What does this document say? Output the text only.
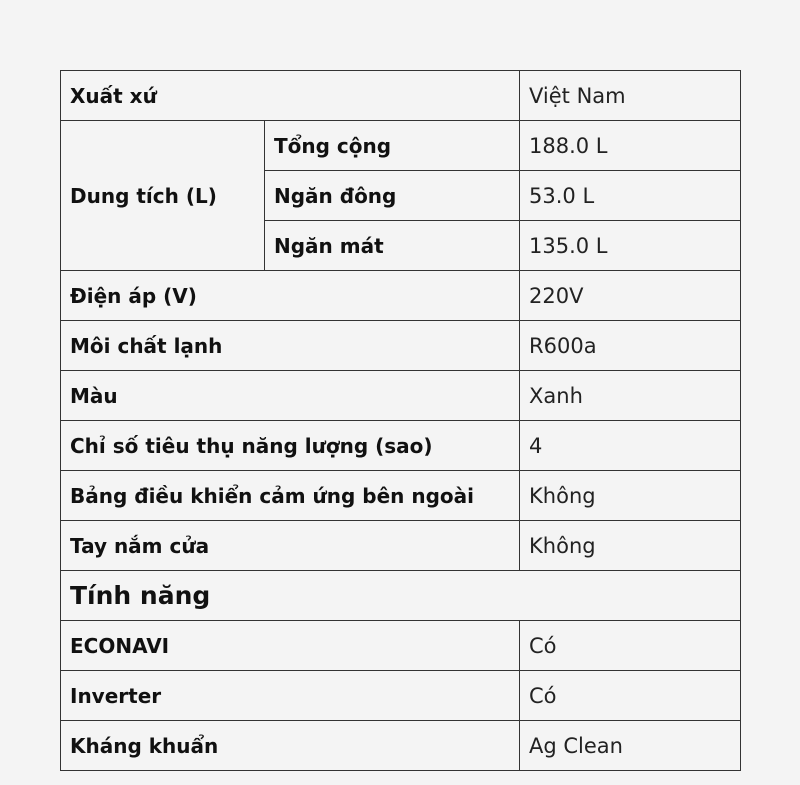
Xuất xứ		Việt Nam
Dung tích (L)	Tổng cộng	188.0 L
	Ngăn đông	53.0 L
	Ngăn mát	135.0 L
Điện áp (V)		220V
Môi chất lạnh		R600a
Màu		Xanh
Chỉ số tiêu thụ năng lượng (sao)		4
Bảng điều khiển cảm ứng bên ngoài		Không
Tay nắm cửa		Không
Tính năng		
ECONAVI		Có
Inverter		Có
Kháng khuẩn		Ag Clean
